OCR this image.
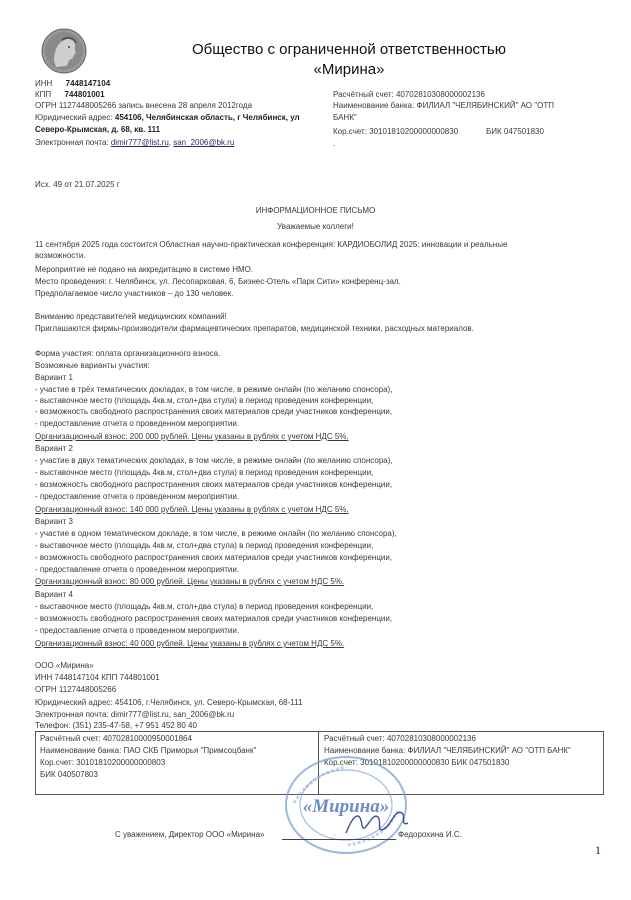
Общество с ограниченной ответственностью
«Мирина»
ИНН 7448147104
КПП 744801001
ОГРН 1127448005266 запись внесена 28 апреля 2012года
Юридический адрес: 454106, Челябинская область, г Челябинск, ул
Северо-Крымская, д. 68, кв. 111
Электронная почта: dimir777@list.ru, san_2006@bk.ru
Расчётный счет: 40702810308000002136
Наименование банка: ФИЛИАЛ "ЧЕЛЯБИНСКИЙ" АО "ОТП
БАНК"
Кор.счет: 30101810200000000830	БИК 047501830
.
Исх. 49 от 21.07.2025 г
ИНФОРМАЦИОННОЕ ПИСЬМО
Уважаемые коллеги!
11 сентября 2025 года состоится Областная научно-практическая конференция: КАРДИОБОЛИД 2025: инновации и реальные
возможности.
Мероприятие не подано на аккредитацию в системе НМО.
Место проведения: г. Челябинск, ул. Лесопарковая, 6, Бизнес-Отель «Парк Сити» конференц-зал.
Предполагаемое число участников – до 130 человек.
Вниманию представителей медицинских компаний!
Приглашаются фирмы-производители фармацевтических препаратов, медицинской техники, расходных материалов.
Форма участия: оплата организационного взноса.
Возможные варианты участия:
Вариант 1
- участие в трёх тематических докладах, в том числе, в режиме онлайн (по желанию спонсора),
- выставочное место (площадь 4кв.м, стол+два стула) в период проведения конференции,
- возможность свободного распространения своих материалов среди участников конференции,
- предоставление отчета о проведенном мероприятии.
Организационный взнос: 200 000 рублей. Цены указаны в рублях с учетом НДС 5%.
Вариант 2
- участие в двух тематических докладах, в том числе, в режиме онлайн (по желанию спонсора),
- выставочное место (площадь 4кв.м, стол+два стула) в период проведения конференции,
- возможность свободного распространения своих материалов среди участников конференции,
- предоставление отчета о проведенном мероприятии.
Организационный взнос: 140 000 рублей. Цены указаны в рублях с учетом НДС 5%.
Вариант 3
- участие в одном тематическом докладе, в том числе, в режиме онлайн (по желанию спонсора),
- выставочное место (площадь 4кв.м, стол+два стула) в период проведения конференции,
- возможность свободного распространения своих материалов среди участников конференции,
- предоставление отчета о проведенном мероприятии.
Организационный взнос: 80 000 рублей. Цены указаны в рублях с учетом НДС 5%.
Вариант 4
- выставочное место (площадь 4кв.м, стол+два стула) в период проведения конференции,
- возможность свободного распространения своих материалов среди участников конференции,
- предоставление отчета о проведенном мероприятии.
Организационный взнос: 40 000 рублей. Цены указаны в рублях с учетом НДС 5%.
ООО «Мирина»
ИНН 7448147104 КПП 744801001
ОГРН 1127448005266
Юридический адрес: 454106, г.Челябинск, ул. Северо-Крымская, 68-111
Электронная почта: dimir777@list.ru, san_2006@bk.ru
Телефон: (351) 235-47-58, +7 951 452 80 40
Расчётный счет: 40702810000950001864
Наименование банка: ПАО СКБ Приморья "Примсоцбанк"
Кор.счет: 30101810200000000803
БИК 040507803
Расчётный счет: 40702810308000002136
Наименование банка: ФИЛИАЛ "ЧЕЛЯБИНСКИЙ" АО "ОТП БАНК"
Кор.счет: 30101810200000000830 БИК 047501830
«Мирина»
С уважением, Директор ООО «Мирина»	Федорохина И.С.
1
